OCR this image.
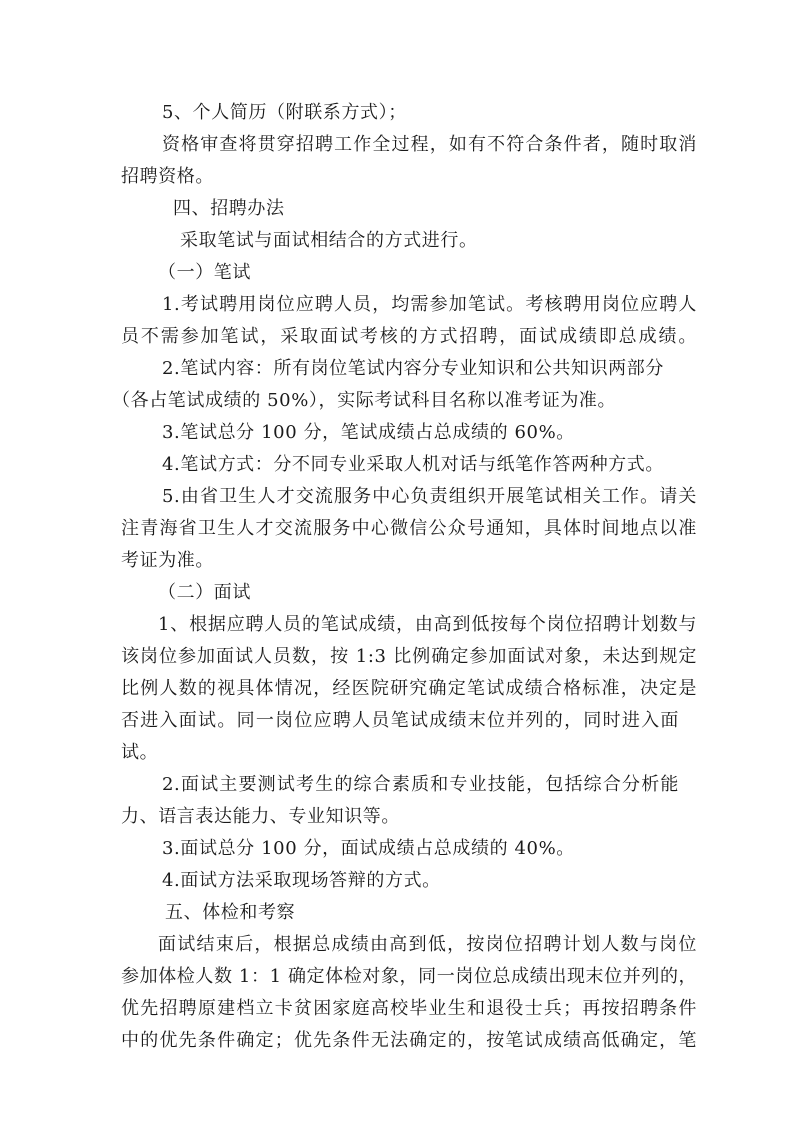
5、个人简历（附联系方式）；
资格审查将贯穿招聘工作全过程，如有不符合条件者，随时取消
招聘资格。
四、招聘办法
采取笔试与面试相结合的方式进行。
（一）笔试
1.考试聘用岗位应聘人员，均需参加笔试。考核聘用岗位应聘人
员不需参加笔试，采取面试考核的方式招聘，面试成绩即总成绩。
2.笔试内容：所有岗位笔试内容分专业知识和公共知识两部分
（各占笔试成绩的 50%），实际考试科目名称以准考证为准。
3.笔试总分 100 分，笔试成绩占总成绩的 60%。
4.笔试方式：分不同专业采取人机对话与纸笔作答两种方式。
5.由省卫生人才交流服务中心负责组织开展笔试相关工作。请关
注青海省卫生人才交流服务中心微信公众号通知，具体时间地点以准
考证为准。
（二）面试
1、根据应聘人员的笔试成绩，由高到低按每个岗位招聘计划数与
该岗位参加面试人员数，按 1:3 比例确定参加面试对象，未达到规定
比例人数的视具体情况，经医院研究确定笔试成绩合格标准，决定是
否进入面试。同一岗位应聘人员笔试成绩末位并列的，同时进入面
试。
2.面试主要测试考生的综合素质和专业技能，包括综合分析能
力、语言表达能力、专业知识等。
3.面试总分 100 分，面试成绩占总成绩的 40%。
4.面试方法采取现场答辩的方式。
五、体检和考察
面试结束后，根据总成绩由高到低，按岗位招聘计划人数与岗位
参加体检人数 1：1 确定体检对象，同一岗位总成绩出现末位并列的，
优先招聘原建档立卡贫困家庭高校毕业生和退役士兵；再按招聘条件
中的优先条件确定；优先条件无法确定的，按笔试成绩高低确定，笔
